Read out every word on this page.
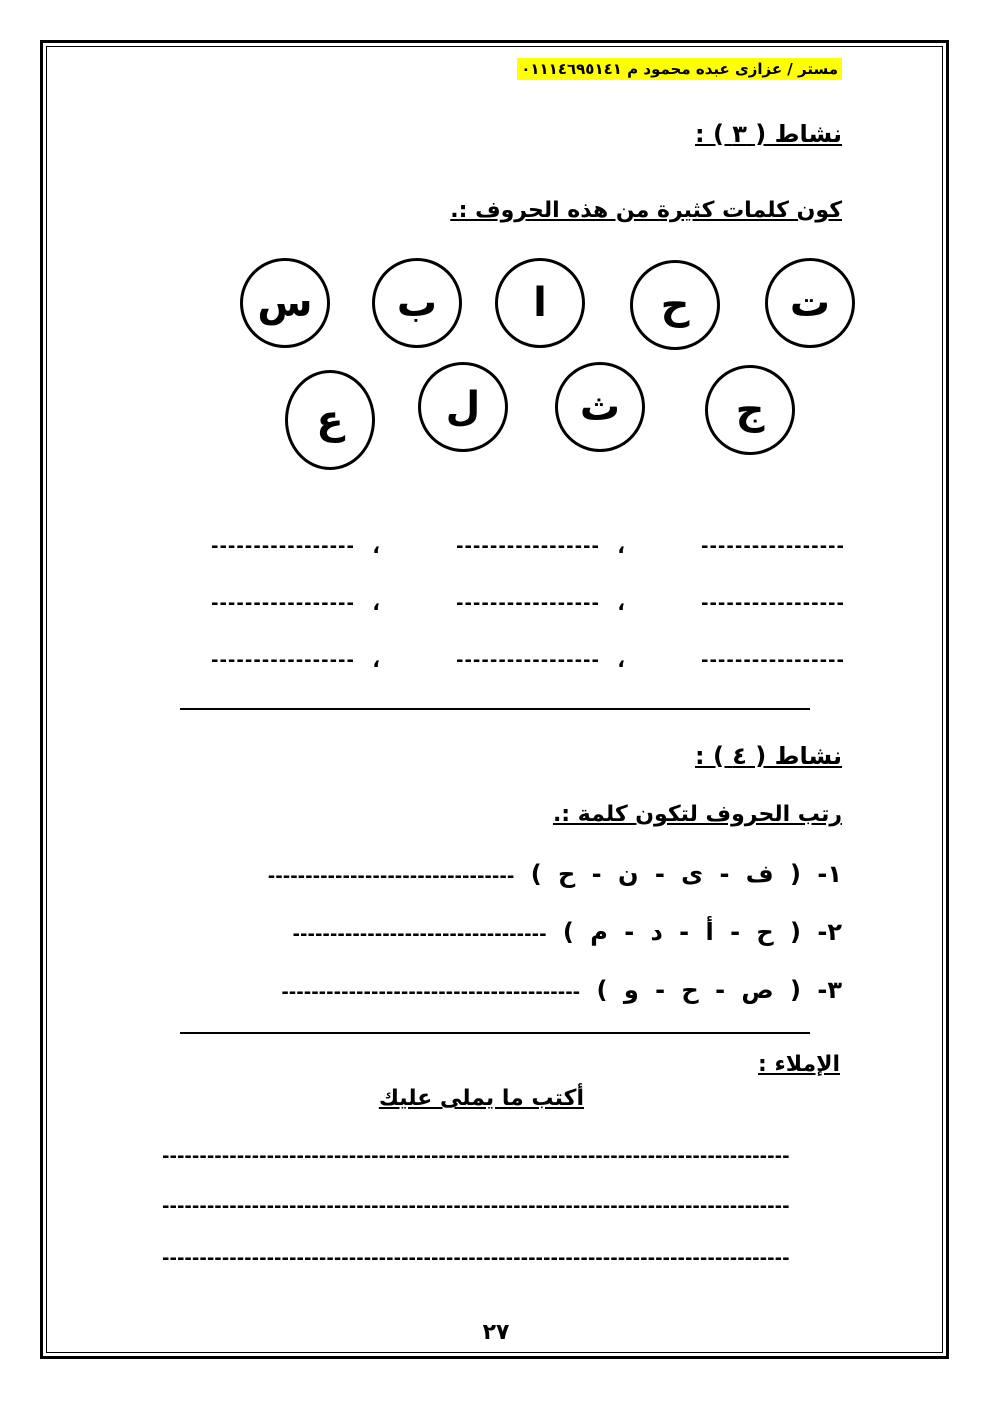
مستر / عزازى عبده محمود م ٠١١١٤٦٩٥١٤١
نشاط ( ٣ ) :
كون كلمات كثيرة من هذه الحروف :.
ت
ح
ا
ب
س
ج
ث
ل
ع
-----------------
،
-----------------
،
-----------------
-----------------
،
-----------------
،
-----------------
-----------------
،
-----------------
،
-----------------
نشاط ( ٤ ) :
رتب الحروف لتكون كلمة :.
١- ( ف - ى - ن - ح ) ---------------------------------
٢- ( ح - أ - د - م ) ----------------------------------
٣- ( ص - ح - و ) ----------------------------------------
الإملاء :
أكتب ما يملى عليك
------------------------------------------------------------------------------------
------------------------------------------------------------------------------------
------------------------------------------------------------------------------------
٢٧
